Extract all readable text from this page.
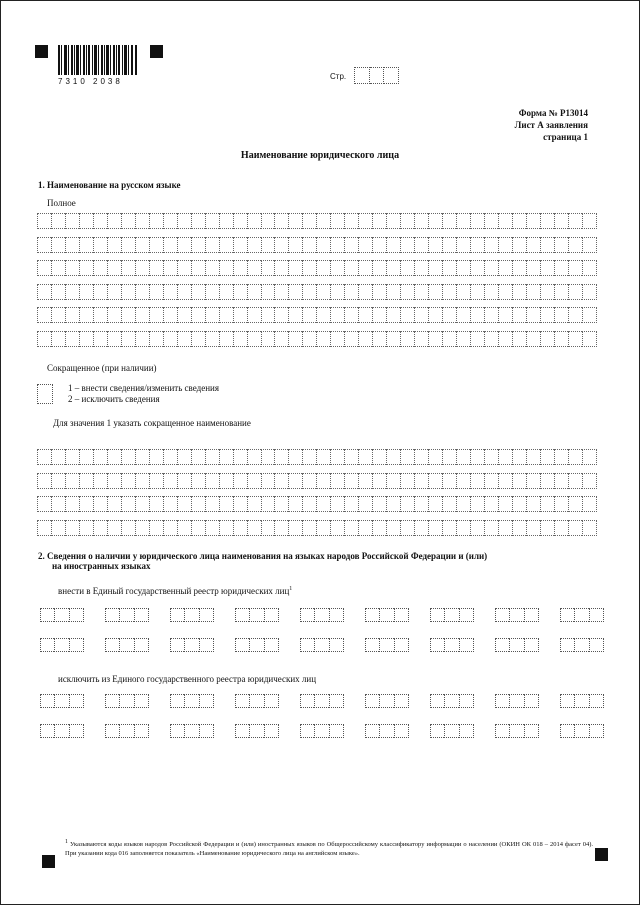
7310 2038
Стр.
Форма № Р13014
Лист А заявления
страница 1
Наименование юридического лица
1. Наименование на русском языке
Полное
Сокращенное (при наличии)
1 – внести сведения/изменить сведения
2 – исключить сведения
Для значения 1 указать сокращенное наименование
2. Сведения о наличии у юридического лица наименования на языках народов Российской Федерации и (или)
на иностранных языках
внести в Единый государственный реестр юридических лиц$^1$
исключить из Единого государственного реестра юридических лиц
$^1$ Указываются коды языков народов Российской Федерации и (или) иностранных языков по Общероссийскому классификатору информации о населении (ОКИН ОК 018 – 2014 фасет 04). При указании кода 016 заполняется показатель «Наименование юридического лица на английском языке».
